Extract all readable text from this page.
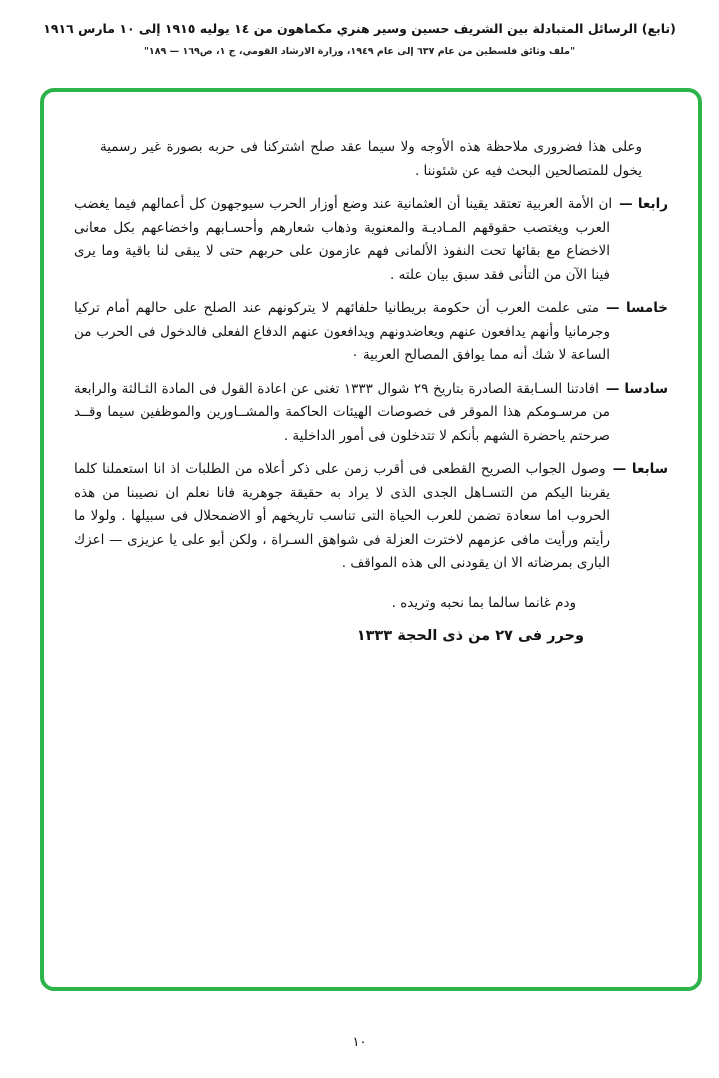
(تابع) الرسائل المتبادلة بين الشريف حسين وسير هنري مكماهون من ١٤ يوليه ١٩١٥ إلى ١٠ مارس ١٩١٦
"ملف وثائق فلسطين من عام ٦٣٧ إلى عام ١٩٤٩، وزارة الارشاد القومي، ج ١، ص١٦٩ — ١٨٩"

وعلى هذا فضرورى ملاحظة هذه الأوجه ولا سيما عقد صلح اشتركنا فى حربه بصورة غير رسمية يخول للمتصالحين البحث فيه عن شئوننا .

رابعا —ان الأمة العربية تعتقد يقينا أن العثمانية عند وضع أوزار الحرب سيوجهون كل أعمالهم فيما يغضب العرب ويغتصب حقوقهم المـاديـة والمعنوية وذهاب شعارهم وأحسـابهم واخضاعهم بكل معانى الاخضاع مع بقائها تحت النفوذ الألمانى فهم عازمون على حربهم حتى لا يبقى لنا باقية وما يرى فينا الآن من التأنى فقد سبق بيان علته .

خامسا —متى علمت العرب أن حكومة بريطانيا حلفائهم لا يتركونهم عند الصلح على حالهم أمام تركيا وجرمانيا وأنهم يدافعون عنهم ويعاضدونهم ويدافعون عنهم الدفاع الفعلى فالدخول فى الحرب من الساعة لا شك أنه مما يوافق المصالح العربية ٠

سادسا —افادتنا السـابقة الصادرة بتاريخ ٢٩ شوال ١٣٣٣ تغنى عن اعادة القول فى المادة الثـالثة والرابعة من مرسـومكم هذا الموقر فى خصوصات الهيئات الحاكمة والمشــاورين والموظفين سيما وقــد صرحتم ياحضرة الشهم بأنكم لا تتدخلون فى أمور الداخلية .

سابعا —وصول الجواب الصريح القطعى فى أقرب زمن على ذكر أعلاه من الطلبات اذ انا استعملنا كلما يقربنا اليكم من التسـاهل الجدى الذى لا يراد به حقيقة جوهرية فانا نعلم ان نصيبنا من هذه الحروب اما سعادة تضمن للعرب الحياة التى تناسب تاريخهم أو الاضمحلال فى سبيلها . ولولا ما رأيتم ورأيت مافى عزمهم لاخترت العزلة فى شواهق السـراة ، ولكن أبو على يا عزيزى — اعزك البارى بمرضاته الا ان يقودنى الى هذه المواقف .

ودم غانما سالما بما نحبه وتريده .

وحرر فى ٢٧ من ذى الحجة ١٣٣٣

١٠
